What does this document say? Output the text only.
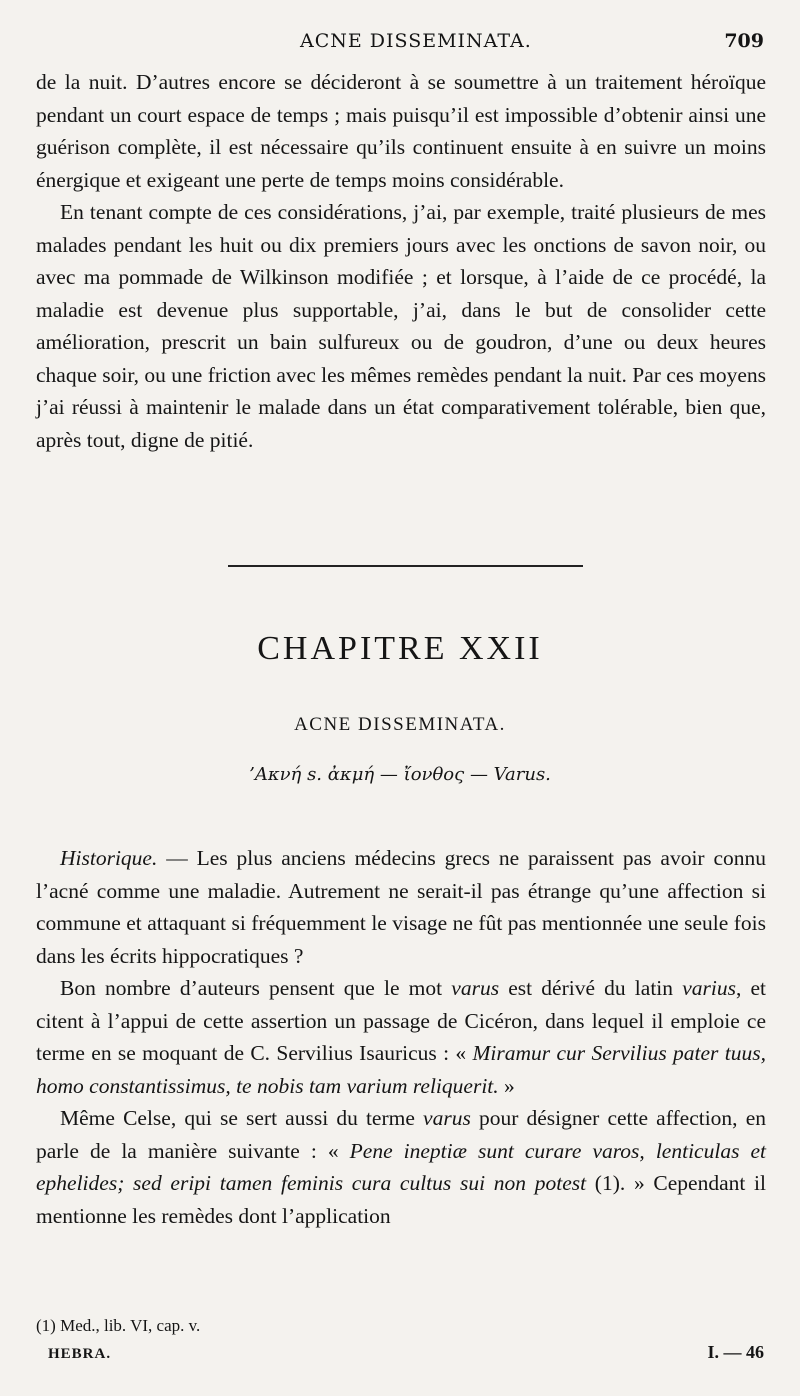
ACNE DISSEMINATA.	709

de la nuit. D’autres encore se décideront à se soumettre à un traitement héroïque pendant un court espace de temps ; mais puisqu’il est impossible d’obtenir ainsi une guérison complète, il est nécessaire qu’ils continuent ensuite à en suivre un moins énergique et exigeant une perte de temps moins considérable.

En tenant compte de ces considérations, j’ai, par exemple, traité plusieurs de mes malades pendant les huit ou dix premiers jours avec les onctions de savon noir, ou avec ma pommade de Wilkinson modifiée ; et lorsque, à l’aide de ce procédé, la maladie est devenue plus supportable, j’ai, dans le but de consolider cette amélioration, prescrit un bain sulfureux ou de goudron, d’une ou deux heures chaque soir, ou une friction avec les mêmes remèdes pendant la nuit. Par ces moyens j’ai réussi à maintenir le malade dans un état comparativement tolérable, bien que, après tout, digne de pitié.

CHAPITRE XXII
ACNE DISSEMINATA.
’Ακνή s. ἀκμή — ἴονθος — Varus.

Historique. — Les plus anciens médecins grecs ne paraissent pas avoir connu l’acné comme une maladie. Autrement ne serait-il pas étrange qu’une affection si commune et attaquant si fréquemment le visage ne fût pas mentionnée une seule fois dans les écrits hippocratiques ?

Bon nombre d’auteurs pensent que le mot varus est dérivé du latin varius, et citent à l’appui de cette assertion un passage de Cicéron, dans lequel il emploie ce terme en se moquant de C. Servilius Isauricus : « Miramur cur Servilius pater tuus, homo constantissimus, te nobis tam varium reliquerit. »

Même Celse, qui se sert aussi du terme varus pour désigner cette affection, en parle de la manière suivante : « Pene ineptiæ sunt curare varos, lenticulas et ephelides; sed eripi tamen feminis cura cultus sui non potest (1). » Cependant il mentionne les remèdes dont l’application

(1) Med., lib. VI, cap. v.
HEBRA.	I. — 46
